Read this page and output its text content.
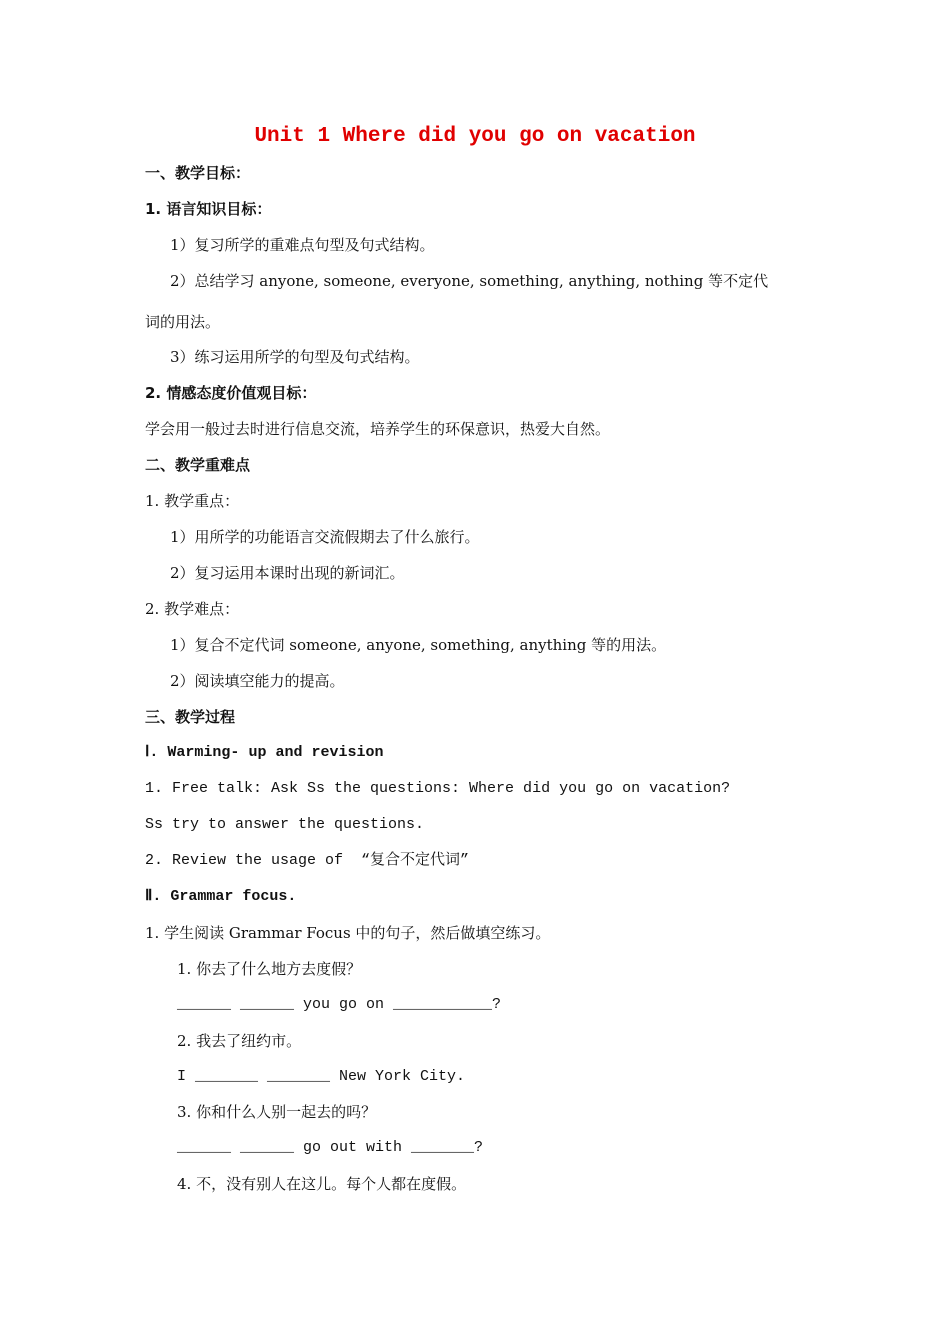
Unit 1 Where did you go on vacation
一、教学目标：
1. 语言知识目标：
1）复习所学的重难点句型及句式结构。
2）总结学习 anyone, someone, everyone, something, anything, nothing 等不定代
词的用法。
3）练习运用所学的句型及句式结构。
2. 情感态度价值观目标：
学会用一般过去时进行信息交流，培养学生的环保意识，热爱大自然。
二、教学重难点
1. 教学重点：
1）用所学的功能语言交流假期去了什么旅行。
2）复习运用本课时出现的新词汇。
2. 教学难点：
1）复合不定代词 someone, anyone, something, anything 等的用法。
2）阅读填空能力的提高。
三、教学过程
Ⅰ. Warming- up and revision
1. Free talk: Ask Ss the questions: Where did you go on vacation?
Ss try to answer the questions.
2. Review the usage of  “复合不定代词”
Ⅱ. Grammar focus.
1. 学生阅读 Grammar Focus 中的句子，然后做填空练习。
1. 你去了什么地方去度假？
______ ______ you go on ___________?
2. 我去了纽约市。
I _______ _______ New York City.
3. 你和什么人别一起去的吗？
______ ______ go out with _______?
4. 不，没有别人在这儿。每个人都在度假。
